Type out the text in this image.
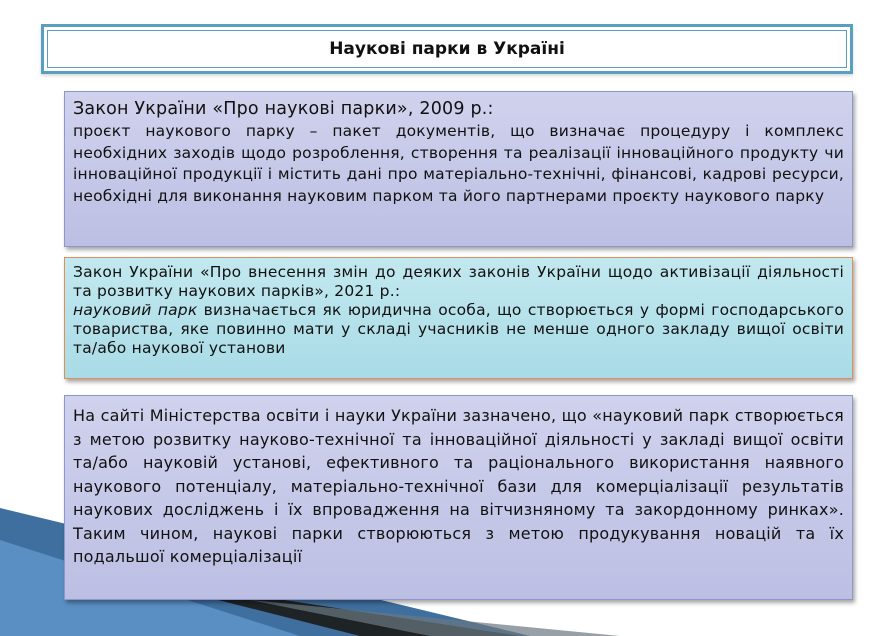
Наукові парки в Україні

Закон України «Про наукові парки», 2009 р.:

проєкт наукового парку – пакет документів, що визначає процедуру і комплекс необхідних заходів щодо розроблення, створення та реалізації інноваційного продукту чи інноваційної продукції і містить дані про матеріально-технічні, фінансові, кадрові ресурси, необхідні для виконання науковим парком та його партнерами проєкту наукового парку

Закон України «Про внесення змін до деяких законів України щодо активізації діяльності та розвитку наукових парків», 2021 р.:

науковий парк визначається як юридична особа, що створюється у формі господарського товариства, яке повинно мати у складі учасників не менше одного закладу вищої освіти та/або наукової установи

На сайті Міністерства освіти і науки України зазначено, що «науковий парк створюється з метою розвитку науково-технічної та інноваційної діяльності у закладі вищої освіти та/або науковій установі, ефективного та раціонального використання наявного наукового потенціалу, матеріально-технічної бази для комерціалізації результатів наукових досліджень і їх впровадження на вітчизняному та закордонному ринках». Таким чином, наукові парки створюються з метою продукування новацій та їх подальшої комерціалізації
